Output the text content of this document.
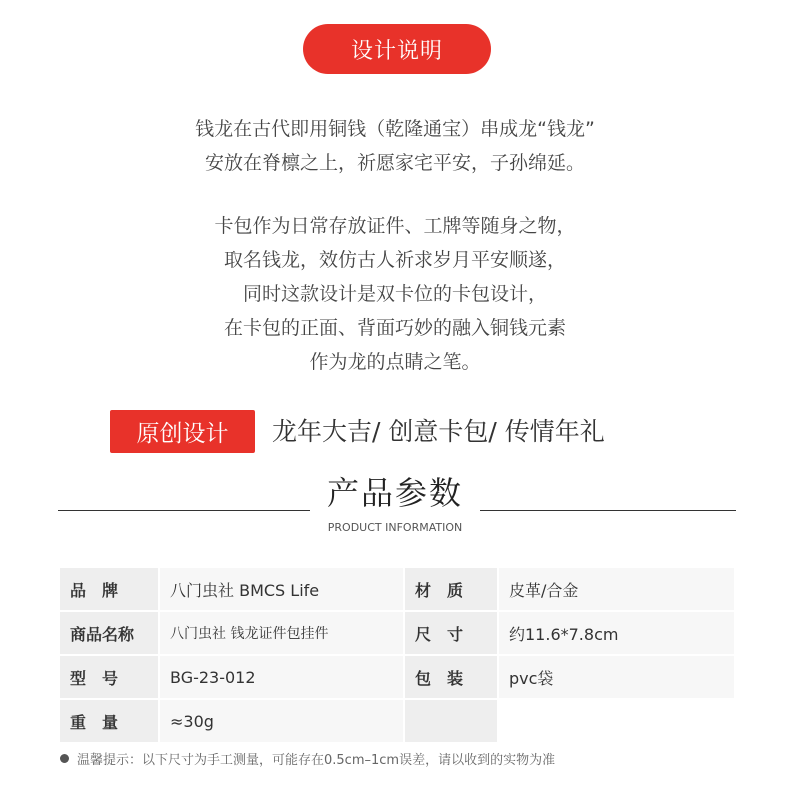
设计说明

钱龙在古代即用铜钱（乾隆通宝）串成龙“钱龙”

安放在脊檩之上，祈愿家宅平安，子孙绵延。

卡包作为日常存放证件、工牌等随身之物，

取名钱龙，效仿古人祈求岁月平安顺遂，

同时这款设计是双卡位的卡包设计，

在卡包的正面、背面巧妙的融入铜钱元素

作为龙的点睛之笔。

原创设计 龙年大吉/ 创意卡包/ 传情年礼
产品参数
PRODUCT INFORMATION
品　牌	八门虫社 BMCS Life	材　质	皮革/合金
商品名称	八门虫社 钱龙证件包挂件	尺　寸	约11.6*7.8cm
型　号	BG-23-012	包　装	pvc袋
重　量	≈30g		
温馨提示：以下尺寸为手工测量，可能存在0.5cm–1cm误差，请以收到的实物为准
